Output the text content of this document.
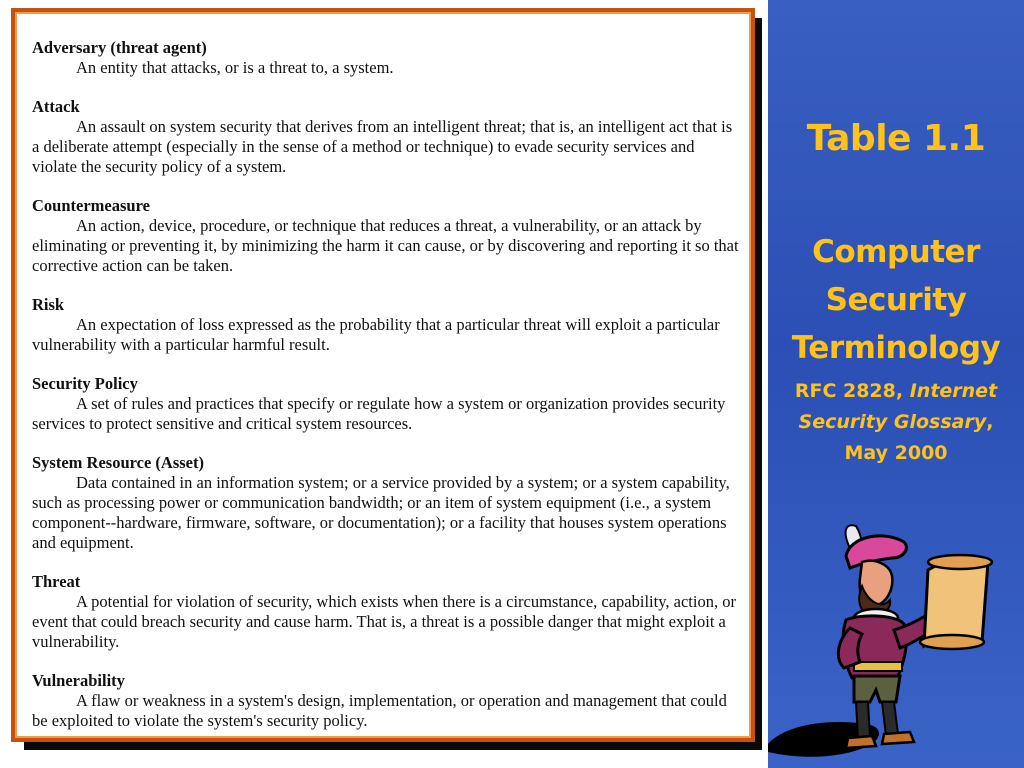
Adversary (threat agent)
An entity that attacks, or is a threat to, a system.
Attack
An assault on system security that derives from an intelligent threat; that is, an intelligent act that is a deliberate attempt (especially in the sense of a method or technique) to evade security services and violate the security policy of a system.
Countermeasure
An action, device, procedure, or technique that reduces a threat, a vulnerability, or an attack by eliminating or preventing it, by minimizing the harm it can cause, or by discovering and reporting it so that corrective action can be taken.
Risk
An expectation of loss expressed as the probability that a particular threat will exploit a particular vulnerability with a particular harmful result.
Security Policy
A set of rules and practices that specify or regulate how a system or organization provides security services to protect sensitive and critical system resources.
System Resource (Asset)
Data contained in an information system; or a service provided by a system; or a system capability, such as processing power or communication bandwidth; or an item of system equipment (i.e., a system component--hardware, firmware, software, or documentation); or a facility that houses system operations and equipment.
Threat
A potential for violation of security, which exists when there is a circumstance, capability, action, or event that could breach security and cause harm. That is, a threat is a possible danger that might exploit a vulnerability.
Vulnerability
A flaw or weakness in a system's design, implementation, or operation and management that could be exploited to violate the system's security policy.
Table 1.1
Computer
Security
Terminology
RFC 2828, Internet
Security Glossary,
May 2000
